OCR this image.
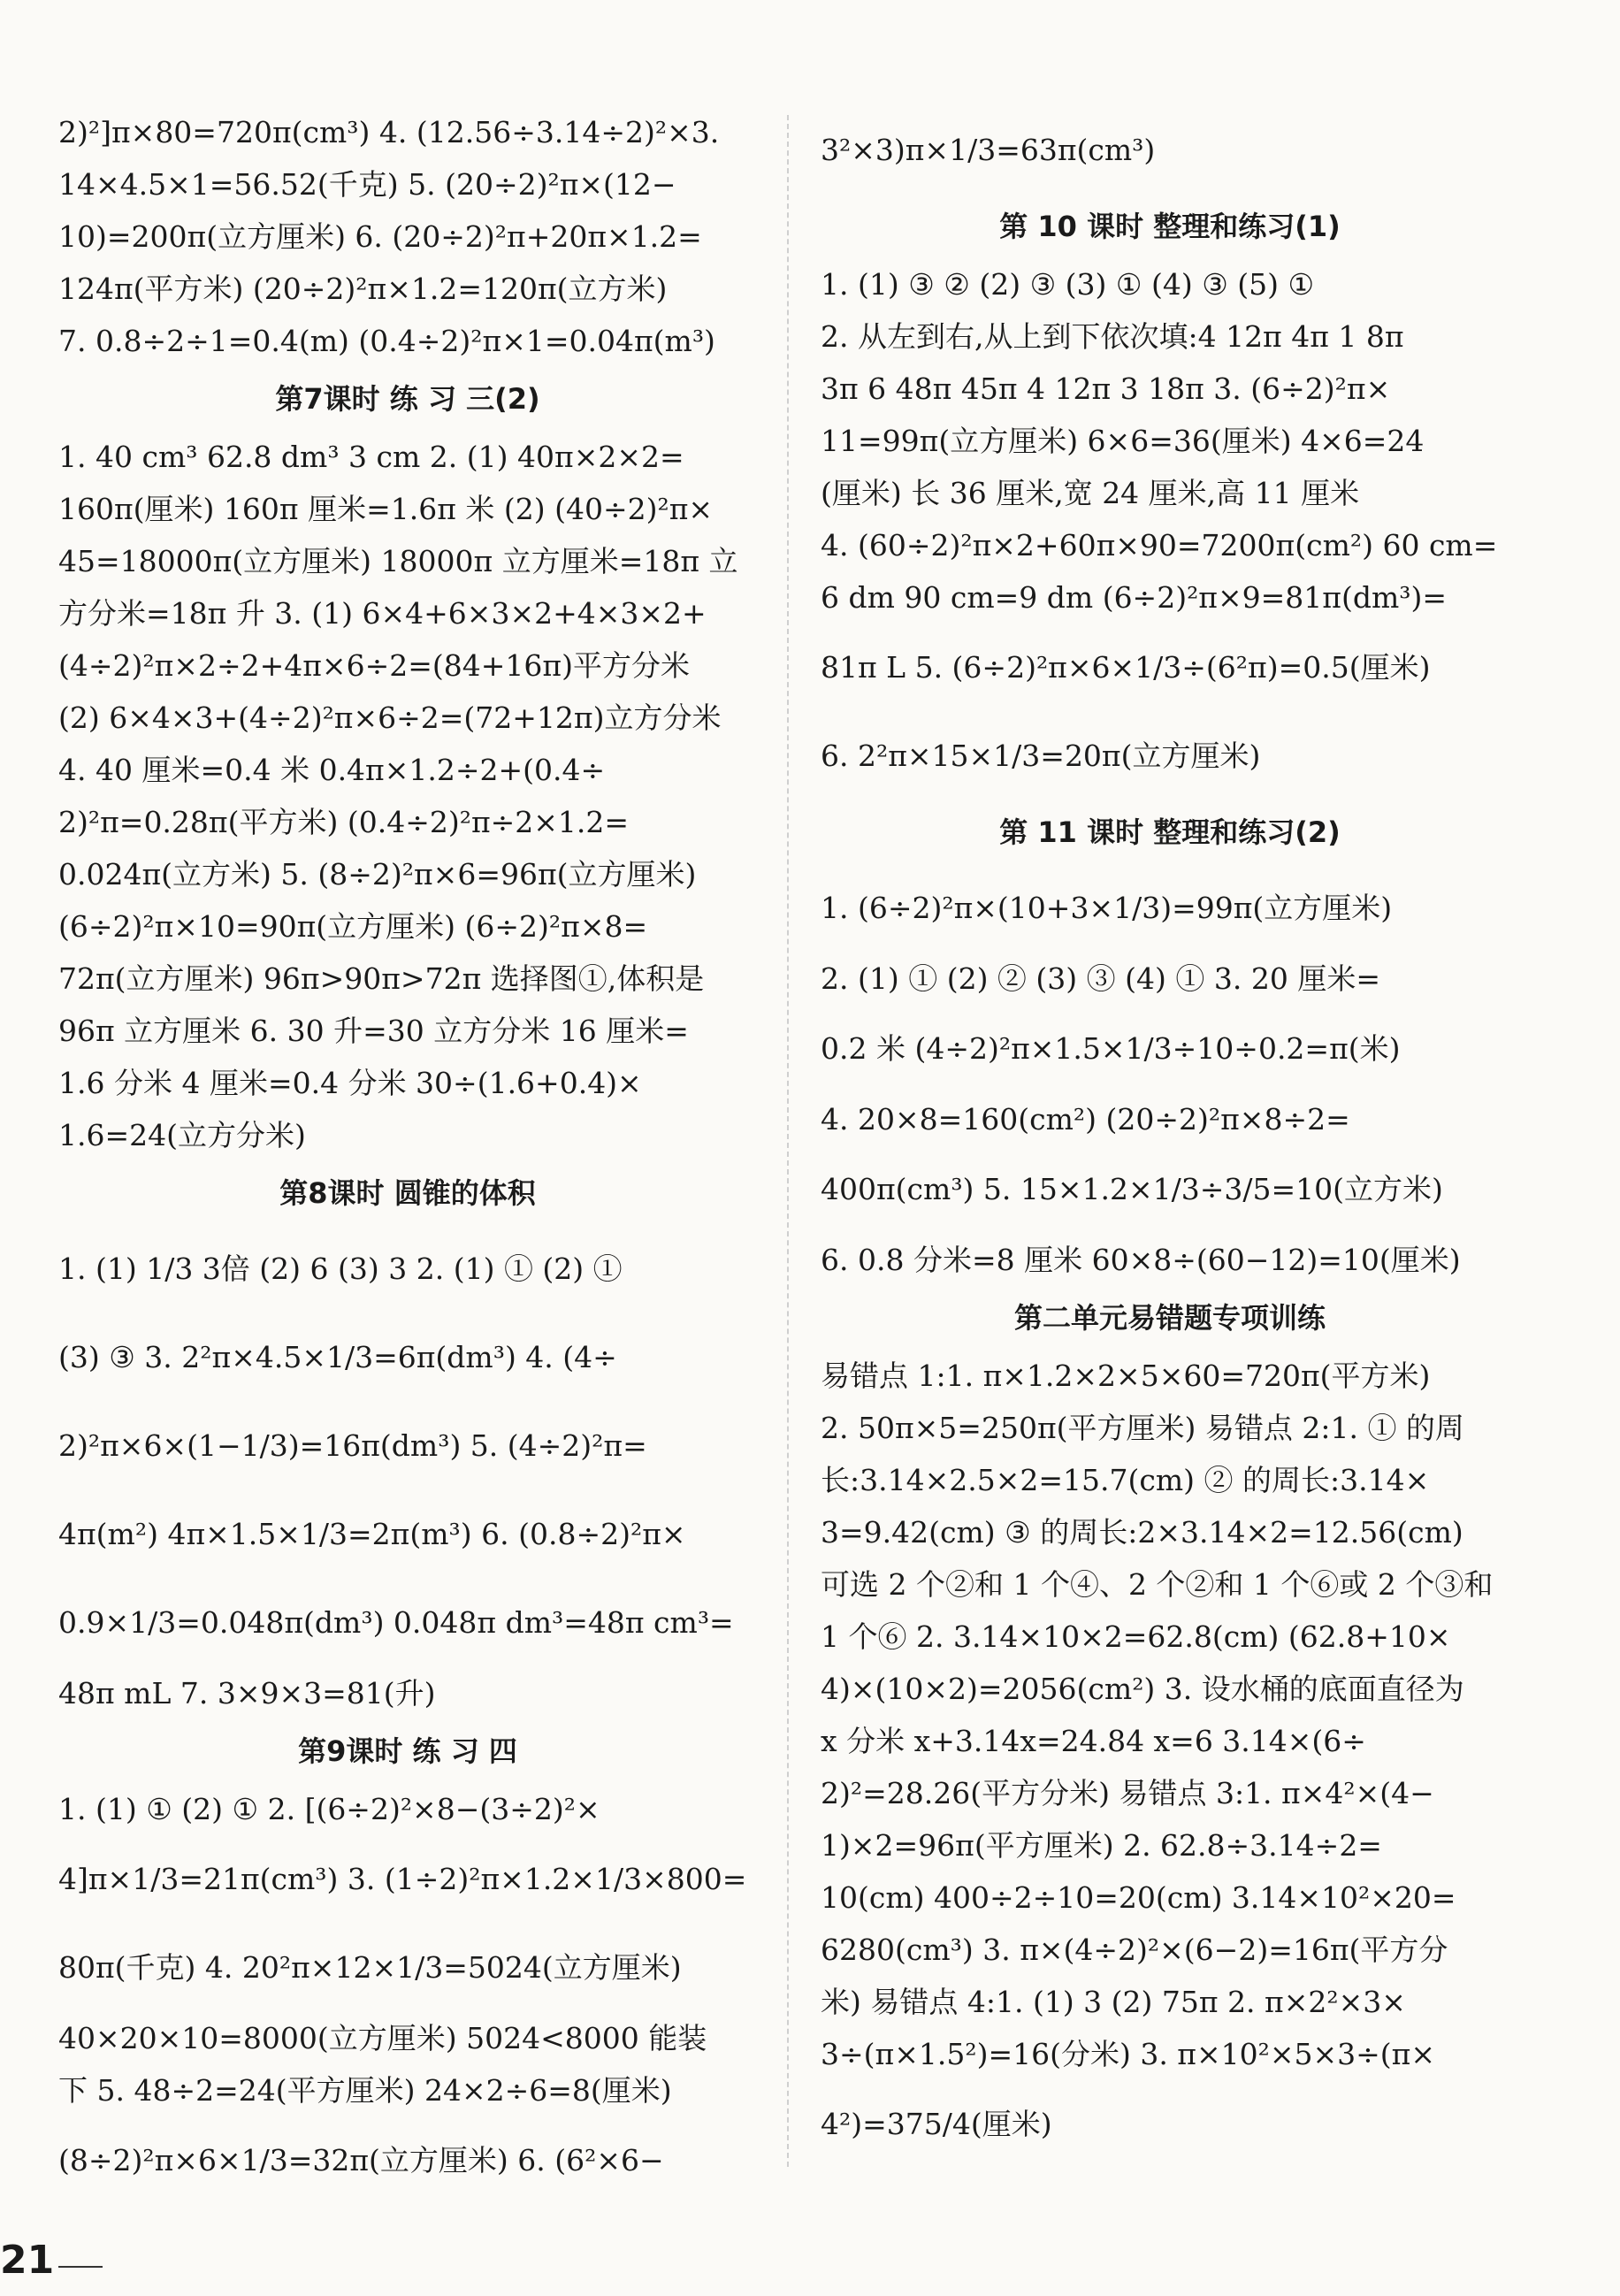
2)²]π×80=720π(cm³) 4. (12.56÷3.14÷2)²×3.
14×4.5×1=56.52(千克) 5. (20÷2)²π×(12−
10)=200π(立方厘米) 6. (20÷2)²π+20π×1.2=
124π(平方米) (20÷2)²π×1.2=120π(立方米)
7. 0.8÷2÷1=0.4(m) (0.4÷2)²π×1=0.04π(m³)
第7课时 练 习 三(2)
1. 40 cm³ 62.8 dm³ 3 cm 2. (1) 40π×2×2=
160π(厘米) 160π 厘米=1.6π 米 (2) (40÷2)²π×
45=18000π(立方厘米) 18000π 立方厘米=18π 立
方分米=18π 升 3. (1) 6×4+6×3×2+4×3×2+
(4÷2)²π×2÷2+4π×6÷2=(84+16π)平方分米
(2) 6×4×3+(4÷2)²π×6÷2=(72+12π)立方分米
4. 40 厘米=0.4 米 0.4π×1.2÷2+(0.4÷
2)²π=0.28π(平方米) (0.4÷2)²π÷2×1.2=
0.024π(立方米) 5. (8÷2)²π×6=96π(立方厘米)
(6÷2)²π×10=90π(立方厘米) (6÷2)²π×8=
72π(立方厘米) 96π>90π>72π 选择图①,体积是
96π 立方厘米 6. 30 升=30 立方分米 16 厘米=
1.6 分米 4 厘米=0.4 分米 30÷(1.6+0.4)×
1.6=24(立方分米)
第8课时 圆锥的体积
1. (1) 1/3 3倍 (2) 6 (3) 3 2. (1) ① (2) ①
(3) ③ 3. 2²π×4.5×1/3=6π(dm³) 4. (4÷
2)²π×6×(1−1/3)=16π(dm³) 5. (4÷2)²π=
4π(m²) 4π×1.5×1/3=2π(m³) 6. (0.8÷2)²π×
0.9×1/3=0.048π(dm³) 0.048π dm³=48π cm³=
48π mL 7. 3×9×3=81(升)
第9课时 练 习 四
1. (1) ① (2) ① 2. [(6÷2)²×8−(3÷2)²×
4]π×1/3=21π(cm³) 3. (1÷2)²π×1.2×1/3×800=
80π(千克) 4. 20²π×12×1/3=5024(立方厘米)
40×20×10=8000(立方厘米) 5024<8000 能装
下 5. 48÷2=24(平方厘米) 24×2÷6=8(厘米)
(8÷2)²π×6×1/3=32π(立方厘米) 6. (6²×6−
3²×3)π×1/3=63π(cm³)
第 10 课时 整理和练习(1)
1. (1) ③ ② (2) ③ (3) ① (4) ③ (5) ①
2. 从左到右,从上到下依次填:4 12π 4π 1 8π
3π 6 48π 45π 4 12π 3 18π 3. (6÷2)²π×
11=99π(立方厘米) 6×6=36(厘米) 4×6=24
(厘米) 长 36 厘米,宽 24 厘米,高 11 厘米
4. (60÷2)²π×2+60π×90=7200π(cm²) 60 cm=
6 dm 90 cm=9 dm (6÷2)²π×9=81π(dm³)=
81π L 5. (6÷2)²π×6×1/3÷(6²π)=0.5(厘米)
6. 2²π×15×1/3=20π(立方厘米)
第 11 课时 整理和练习(2)
1. (6÷2)²π×(10+3×1/3)=99π(立方厘米)
2. (1) ① (2) ② (3) ③ (4) ① 3. 20 厘米=
0.2 米 (4÷2)²π×1.5×1/3÷10÷0.2=π(米)
4. 20×8=160(cm²) (20÷2)²π×8÷2=
400π(cm³) 5. 15×1.2×1/3÷3/5=10(立方米)
6. 0.8 分米=8 厘米 60×8÷(60−12)=10(厘米)
第二单元易错题专项训练
易错点 1:1. π×1.2×2×5×60=720π(平方米)
2. 50π×5=250π(平方厘米) 易错点 2:1. ① 的周
长:3.14×2.5×2=15.7(cm) ② 的周长:3.14×
3=9.42(cm) ③ 的周长:2×3.14×2=12.56(cm)
可选 2 个②和 1 个④、2 个②和 1 个⑥或 2 个③和
1 个⑥ 2. 3.14×10×2=62.8(cm) (62.8+10×
4)×(10×2)=2056(cm²) 3. 设水桶的底面直径为
x 分米 x+3.14x=24.84 x=6 3.14×(6÷
2)²=28.26(平方分米) 易错点 3:1. π×4²×(4−
1)×2=96π(平方厘米) 2. 62.8÷3.14÷2=
10(cm) 400÷2÷10=20(cm) 3.14×10²×20=
6280(cm³) 3. π×(4÷2)²×(6−2)=16π(平方分
米) 易错点 4:1. (1) 3 (2) 75π 2. π×2²×3×
3÷(π×1.5²)=16(分米) 3. π×10²×5×3÷(π×
4²)=375/4(厘米)
21
